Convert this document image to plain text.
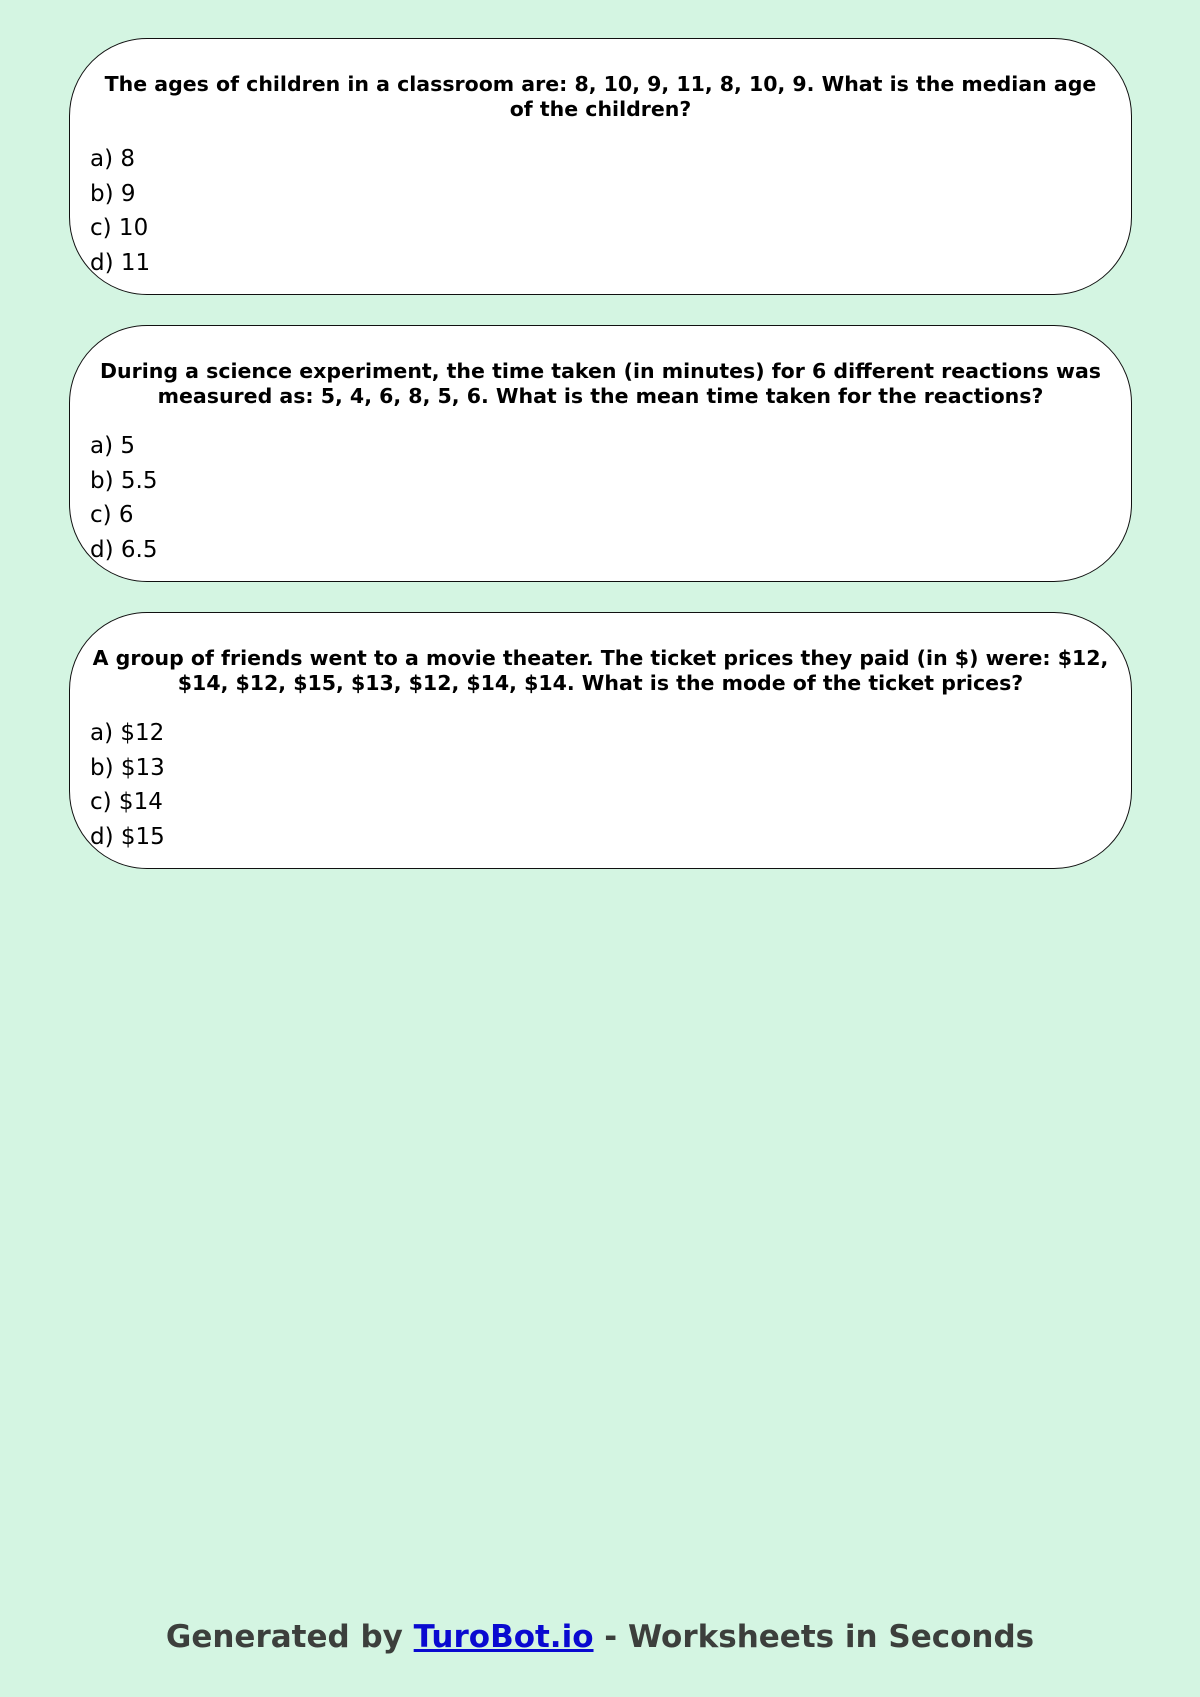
The ages of children in a classroom are: 8, 10, 9, 11, 8, 10, 9. What is the median age of the children?

a) 8
b) 9
c) 10
d) 11

During a science experiment, the time taken (in minutes) for 6 different reactions was measured as: 5, 4, 6, 8, 5, 6. What is the mean time taken for the reactions?

a) 5
b) 5.5
c) 6
d) 6.5

A group of friends went to a movie theater. The ticket prices they paid (in $) were: $12, $14, $12, $15, $13, $12, $14, $14. What is the mode of the ticket prices?

a) $12
b) $13
c) $14
d) $15
Generated by TuroBot.io - Worksheets in Seconds
